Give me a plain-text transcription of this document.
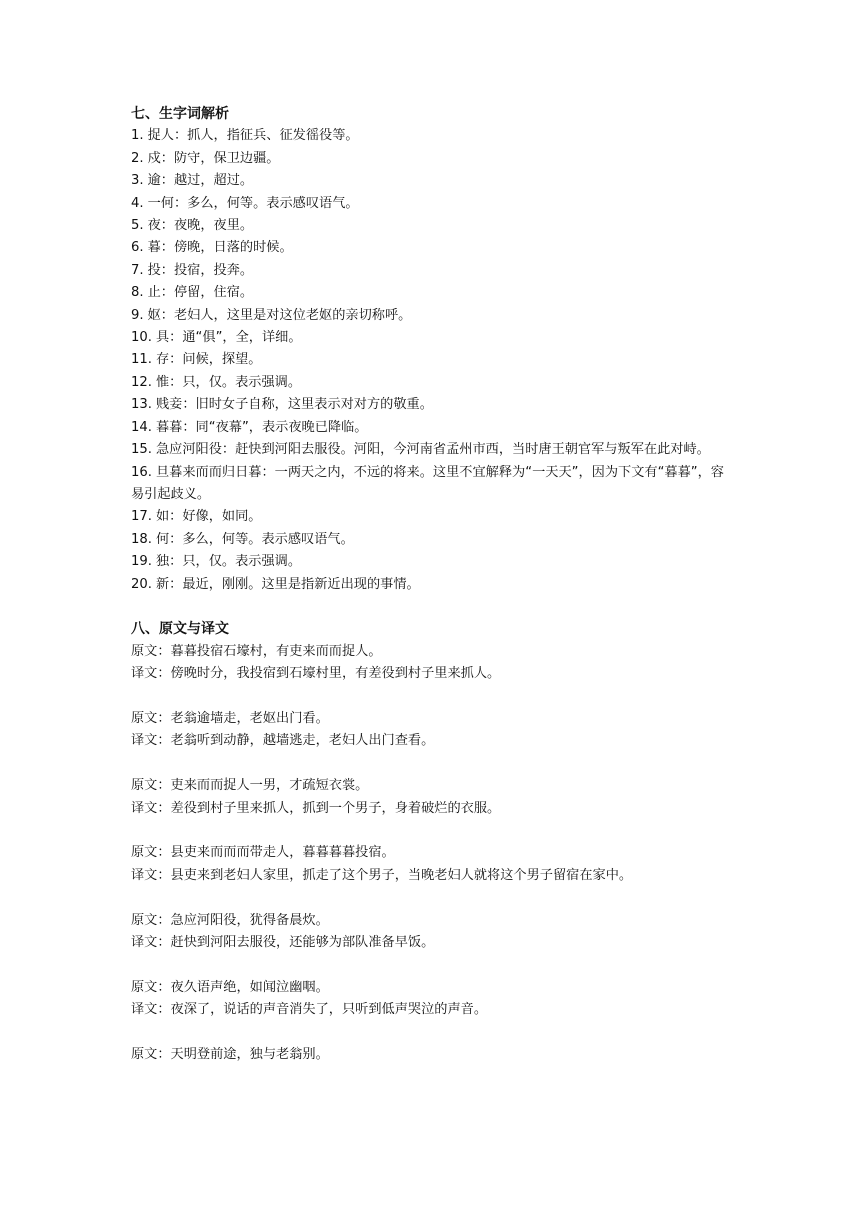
七、生字词解析
1. 捉人：抓人，指征兵、征发徭役等。
2. 戍：防守，保卫边疆。
3. 逾：越过，超过。
4. 一何：多么，何等。表示感叹语气。
5. 夜：夜晚，夜里。
6. 暮：傍晚，日落的时候。
7. 投：投宿，投奔。
8. 止：停留，住宿。
9. 妪：老妇人，这里是对这位老妪的亲切称呼。
10. 具：通“俱”，全，详细。
11. 存：问候，探望。
12. 惟：只，仅。表示强调。
13. 贱妾：旧时女子自称，这里表示对对方的敬重。
14. 暮暮：同“夜幕”，表示夜晚已降临。
15. 急应河阳役：赶快到河阳去服役。河阳，今河南省孟州市西，当时唐王朝官军与叛军在此对峙。
16. 旦暮来而而归日暮：一两天之内，不远的将来。这里不宜解释为“一天天”，因为下文有“暮暮”，容易引起歧义。
17. 如：好像，如同。
18. 何：多么，何等。表示感叹语气。
19. 独：只，仅。表示强调。
20. 新：最近，刚刚。这里是指新近出现的事情。
八、原文与译文
原文：暮暮投宿石壕村，有吏来而而捉人。
译文：傍晚时分，我投宿到石壕村里，有差役到村子里来抓人。
原文：老翁逾墙走，老妪出门看。
译文：老翁听到动静，越墙逃走，老妇人出门查看。
原文：吏来而而捉人一男，才疏短衣裳。
译文：差役到村子里来抓人，抓到一个男子，身着破烂的衣服。
原文：县吏来而而而带走人，暮暮暮暮投宿。
译文：县吏来到老妇人家里，抓走了这个男子，当晚老妇人就将这个男子留宿在家中。
原文：急应河阳役，犹得备晨炊。
译文：赶快到河阳去服役，还能够为部队准备早饭。
原文：夜久语声绝，如闻泣幽咽。
译文：夜深了，说话的声音消失了，只听到低声哭泣的声音。
原文：天明登前途，独与老翁别。
